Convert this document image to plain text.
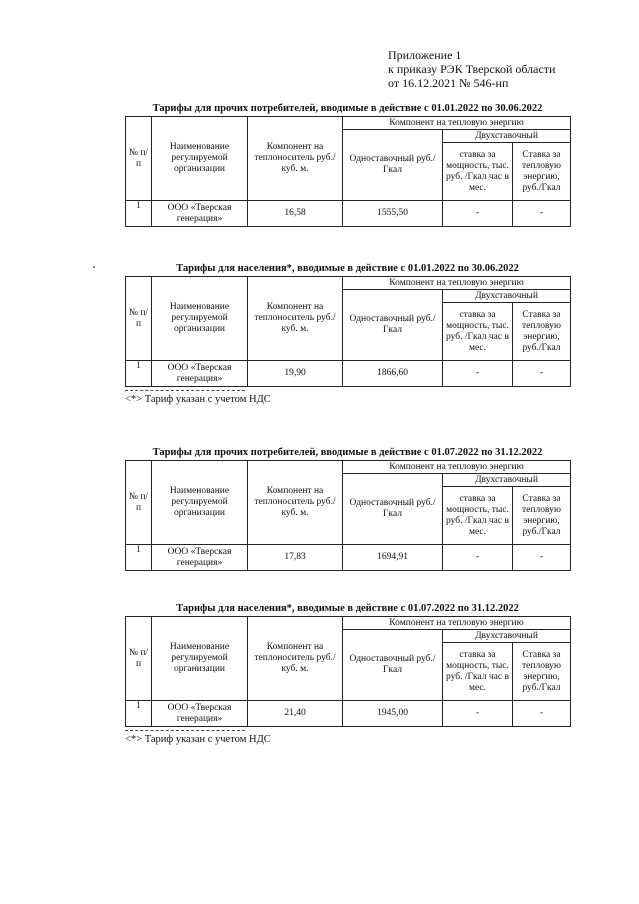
Приложение 1
к приказу РЭК Тверской области
от 16.12.2021 № 546-нп
Тарифы для прочих потребителей, вводимые в действие с 01.01.2022 по 30.06.2022
№ п/п	Наименование регулируемой организации	Компонент на теплоноситель руб./куб. м.	Компонент на тепловую энергию		
			Одноставочный руб./Гкал	Двухставочный	
				ставка за мощность, тыс. руб. /Гкал час в мес.	Ставка за тепловую энергию, руб./Гкал
1	ООО «Тверская генерация»	16,58	1555,50	-	-
Тарифы для населения*, вводимые в действие с 01.01.2022 по 30.06.2022
№ п/п	Наименование регулируемой организации	Компонент на теплоноситель руб./куб. м.	Компонент на тепловую энергию		
			Одноставочный руб./Гкал	Двухставочный	
				ставка за мощность, тыс. руб. /Гкал час в мес.	Ставка за тепловую энергию, руб./Гкал
1	ООО «Тверская генерация»	19,90	1866,60	-	-
<*> Тариф указан с учетом НДС
Тарифы для прочих потребителей, вводимые в действие с 01.07.2022 по 31.12.2022
№ п/п	Наименование регулируемой организации	Компонент на теплоноситель руб./куб. м.	Компонент на тепловую энергию		
			Одноставочный руб./Гкал	Двухставочный	
				ставка за мощность, тыс. руб. /Гкал час в мес.	Ставка за тепловую энергию, руб./Гкал
1	ООО «Тверская генерация»	17,83	1694,91	-	-
Тарифы для населения*, вводимые в действие с 01.07.2022 по 31.12.2022
№ п/п	Наименование регулируемой организации	Компонент на теплоноситель руб./куб. м.	Компонент на тепловую энергию		
			Одноставочный руб./Гкал	Двухставочный	
				ставка за мощность, тыс. руб. /Гкал час в мес.	Ставка за тепловую энергию, руб./Гкал
1	ООО «Тверская генерация»	21,40	1945,00	-	-
<*> Тариф указан с учетом НДС
